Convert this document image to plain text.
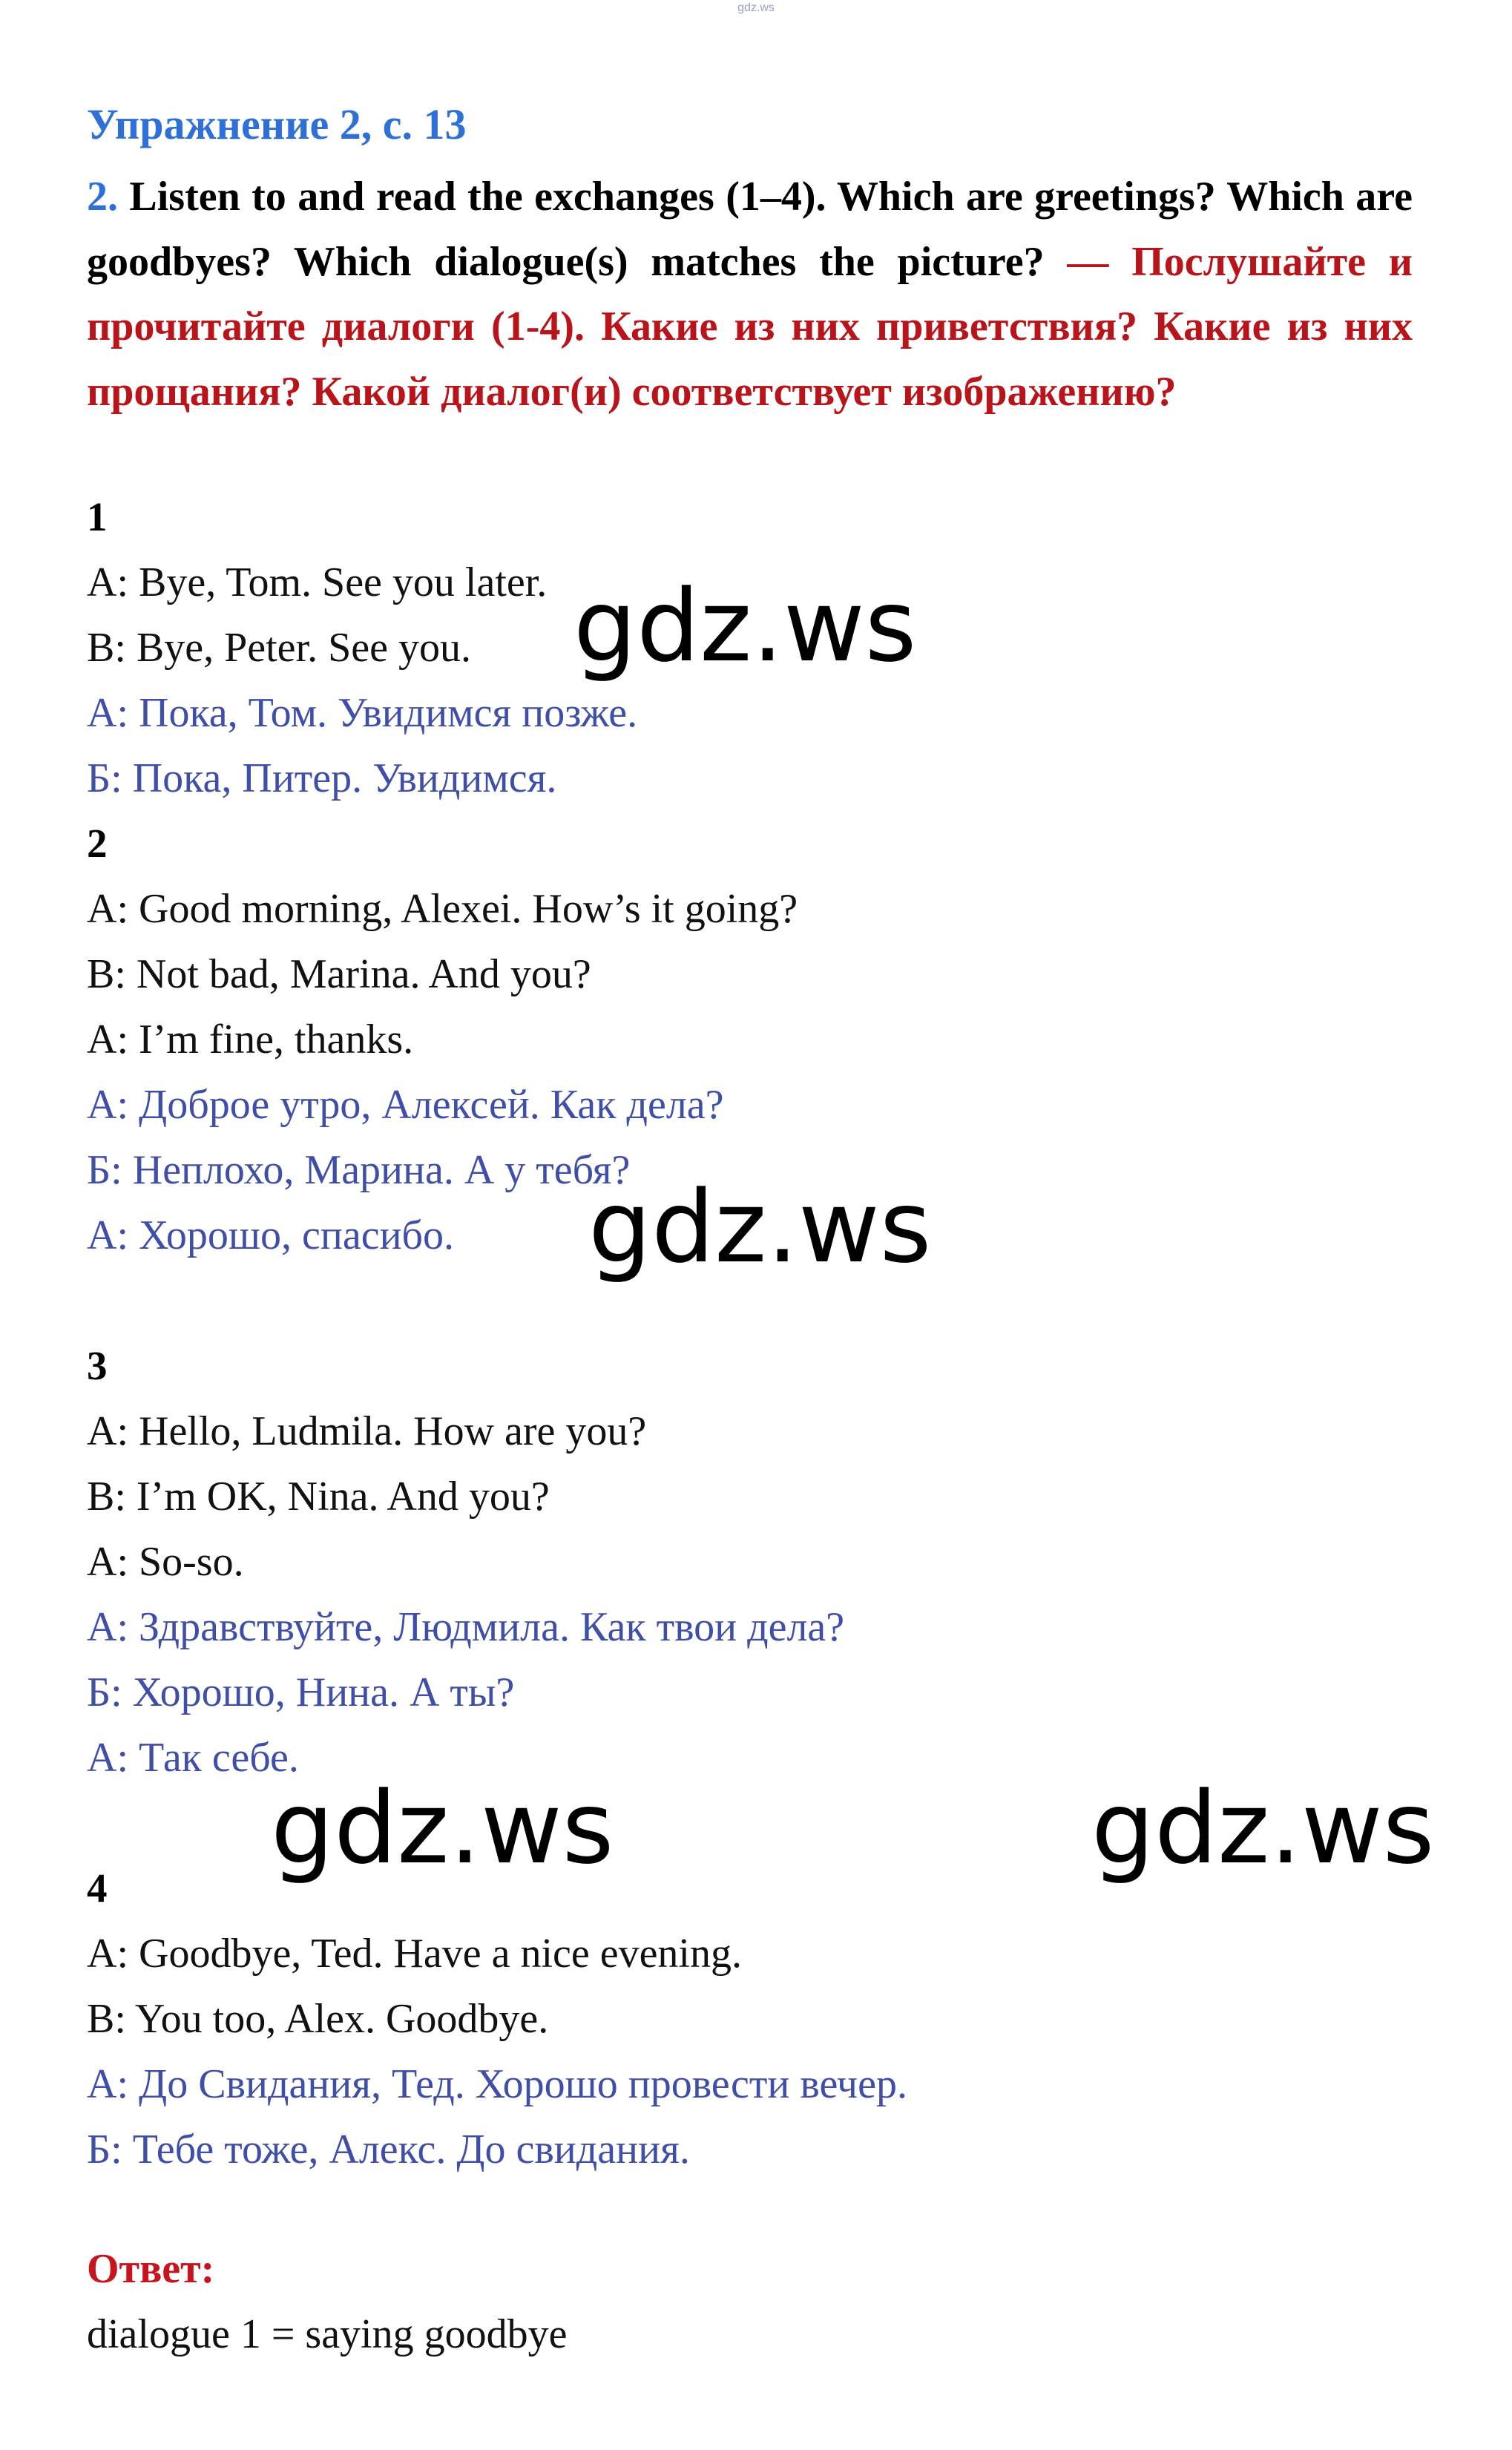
gdz.ws
Упражнение 2, с. 13
2. Listen to and read the exchanges (1–4). Which are greetings? Which are goodbyes? Which dialogue(s) matches the picture? — Послушайте и прочитайте диалоги (1-4). Какие из них приветствия? Какие из них прощания? Какой диалог(и) соответствует изображению?
1
A: Bye, Tom. See you later.
B: Bye, Peter. See you.
А: Пока, Том. Увидимся позже.
Б: Пока, Питер. Увидимся.
2
A: Good morning, Alexei. How’s it going?
B: Not bad, Marina. And you?
A: I’m fine, thanks.
А: Доброе утро, Алексей. Как дела?
Б: Неплохо, Марина. А у тебя?
А: Хорошо, спасибо.
3
A: Hello, Ludmila. How are you?
B: I’m OK, Nina. And you?
A: So-so.
А: Здравствуйте, Людмила. Как твои дела?
Б: Хорошо, Нина. А ты?
А: Так себе.
4
A: Goodbye, Ted. Have a nice evening.
B: You too, Alex. Goodbye.
А: До Свидания, Тед. Хорошо провести вечер.
Б: Тебе тоже, Алекс. До свидания.
Ответ:
dialogue 1 = saying goodbye
gdz.ws
gdz.ws
gdz.ws	gdz.ws
